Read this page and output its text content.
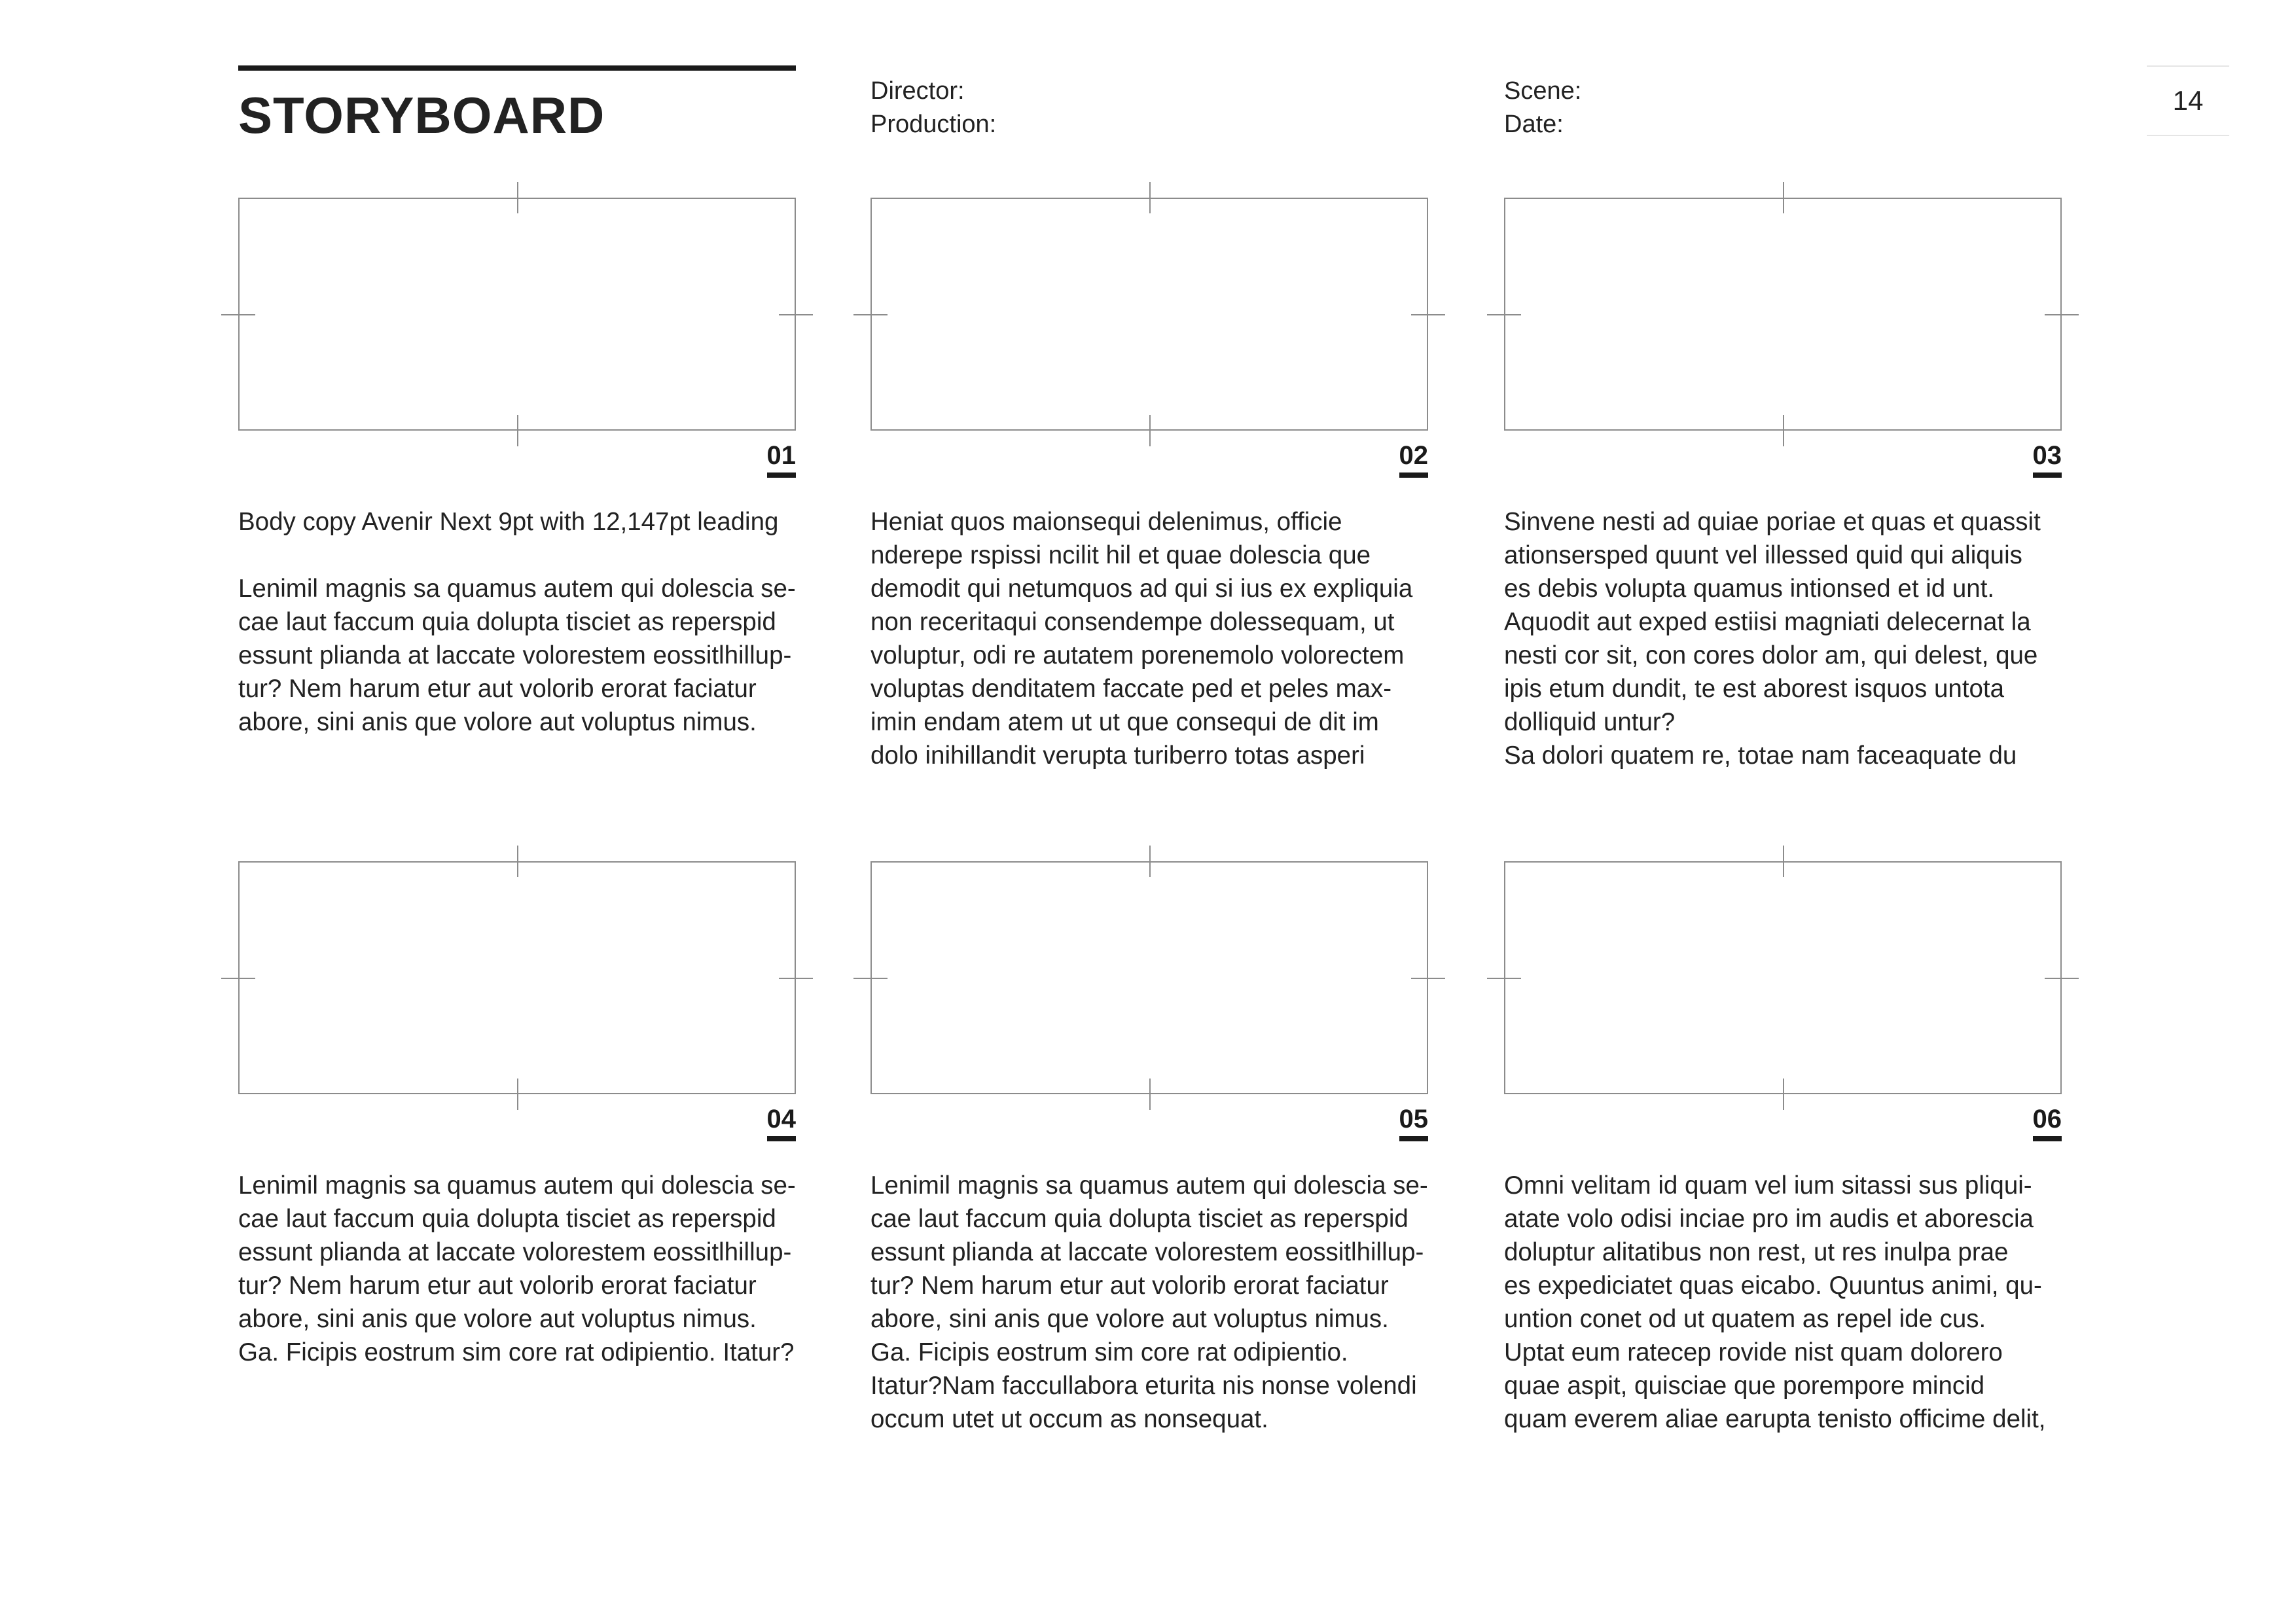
STORYBOARD	Director:
Production:
Scene:
Date:
14
01	02	03

Body copy Avenir Next 9pt with 12,147pt leading

Lenimil magnis sa quamus autem qui dolescia se-
cae laut faccum quia dolupta tisciet as reperspid
essunt plianda at laccate volorestem eossitlhillup-
tur? Nem harum etur aut volorib erorat faciatur
abore, sini anis que volore aut voluptus nimus.

Heniat quos maionsequi delenimus, officie
nderepe rspissi ncilit hil et quae dolescia que
demodit qui netumquos ad qui si ius ex expliquia
non receritaqui consendempe dolessequam, ut
voluptur, odi re autatem porenemolo volorectem
voluptas denditatem faccate ped et peles max-
imin endam atem ut ut que consequi de dit im
dolo inihillandit verupta turiberro totas asperi

Sinvene nesti ad quiae poriae et quas et quassit
ationsersped quunt vel illessed quid qui aliquis
es debis volupta quamus intionsed et id unt.
Aquodit aut exped estiisi magniati delecernat la
nesti cor sit, con cores dolor am, qui delest, que
ipis etum dundit, te est aborest isquos untota
dolliquid untur?
Sa dolori quatem re, totae nam faceaquate du

04	05	06

Lenimil magnis sa quamus autem qui dolescia se-
cae laut faccum quia dolupta tisciet as reperspid
essunt plianda at laccate volorestem eossitlhillup-
tur? Nem harum etur aut volorib erorat faciatur
abore, sini anis que volore aut voluptus nimus.
Ga. Ficipis eostrum sim core rat odipientio. Itatur?

Lenimil magnis sa quamus autem qui dolescia se-
cae laut faccum quia dolupta tisciet as reperspid
essunt plianda at laccate volorestem eossitlhillup-
tur? Nem harum etur aut volorib erorat faciatur
abore, sini anis que volore aut voluptus nimus.
Ga. Ficipis eostrum sim core rat odipientio.
Itatur?Nam faccullabora eturita nis nonse volendi
occum utet ut occum as nonsequat.

Omni velitam id quam vel ium sitassi sus pliqui-
atate volo odisi inciae pro im audis et aborescia
doluptur alitatibus non rest, ut res inulpa prae
es expediciatet quas eicabo. Quuntus animi, qu-
untion conet od ut quatem as repel ide cus.
Uptat eum ratecep rovide nist quam dolorero
quae aspit, quisciae que porempore mincid
quam everem aliae earupta tenisto officime delit,
